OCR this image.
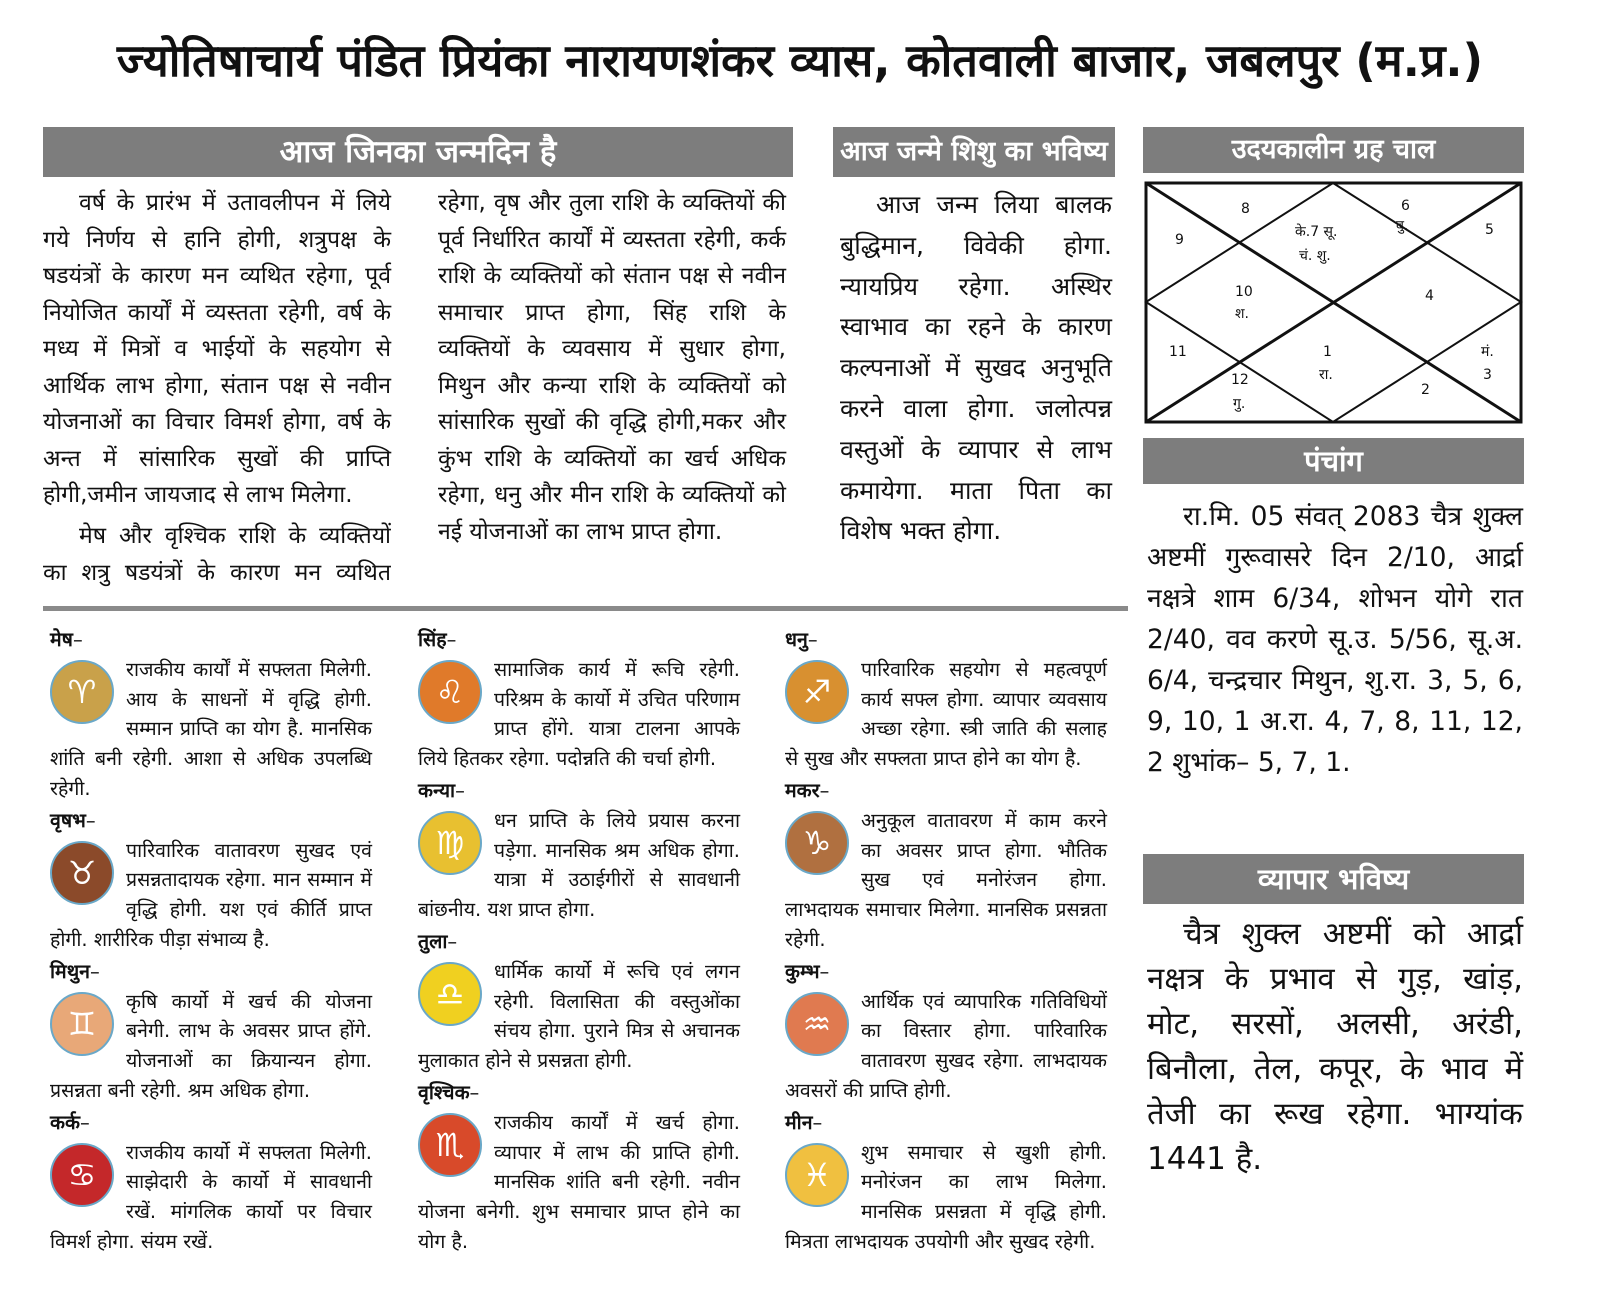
ज्योतिषाचार्य पंडित प्रियंका नारायणशंकर व्यास, कोतवाली बाजार, जबलपुर (म.प्र.)
आज जिनका जन्मदिन है

वर्ष के प्रारंभ में उतावलीपन में लिये गये निर्णय से हानि होगी, शत्रुपक्ष के षडयंत्रों के कारण मन व्यथित रहेगा, पूर्व नियोजित कार्यों में व्यस्तता रहेगी, वर्ष के मध्य में मित्रों व भाईयों के सहयोग से आर्थिक लाभ होगा, संतान पक्ष से नवीन योजनाओं का विचार विमर्श होगा, वर्ष के अन्त में सांसारिक सुखों की प्राप्ति होगी,जमीन जायजाद से लाभ मिलेगा.

मेष और वृश्चिक राशि के व्यक्तियों का शत्रु षडयंत्रों के कारण मन व्यथित

रहेगा, वृष और तुला राशि के व्यक्तियों की पूर्व निर्धारित कार्यों में व्यस्तता रहेगी, कर्क राशि के व्यक्तियों को संतान पक्ष से नवीन समाचार प्राप्त होगा, सिंह राशि के व्यक्तियों के व्यवसाय में सुधार होगा, मिथुन और कन्या राशि के व्यक्तियों को सांसारिक सुखों की वृद्धि होगी,मकर और कुंभ राशि के व्यक्तियों का खर्च अधिक रहेगा, धनु और मीन राशि के व्यक्तियों को नई योजनाओं का लाभ प्राप्त होगा.

आज जन्मे शिशु का भविष्य

आज जन्म लिया बालक बुद्धिमान, विवेकी होगा. न्यायप्रिय रहेगा. अस्थिर स्वाभाव का रहने के कारण कल्पनाओं में सुखद अनुभूति करने वाला होगा. जलोत्पन्न वस्तुओं के व्यापार से लाभ कमायेगा. माता पिता का विशेष भक्त होगा.

उदयकालीन ग्रह चाल
8	6
बु.
9
5
के.7 सू.
चं. शु.
10
श.
4
11	1
रा.
मं.
3
12
गु.
2
पंचांग

रा.मि. 05 संवत् 2083 चैत्र शुक्ल अष्टमीं गुरूवासरे दिन 2/10, आर्द्रा नक्षत्रे शाम 6/34, शोभन योगे रात 2/40, वव करणे सू.उ. 5/56, सू.अ. 6/4, चन्द्रचार मिथुन, शु.रा. 3, 5, 6, 9, 10, 1 अ.रा. 4, 7, 8, 11, 12, 2 शुभांक– 5, 7, 1.

व्यापार भविष्य

चैत्र शुक्ल अष्टमीं को आर्द्रा नक्षत्र के प्रभाव से गुड़, खांड़, मोट, सरसों, अलसी, अरंडी, बिनौला, तेल, कपूर, के भाव में तेजी का रूख रहेगा. भाग्यांक 1441 है.

मेष–

♈
राजकीय कार्यों में सफ्लता मिलेगी. आय के साधनों में वृद्धि होगी. सम्मान प्राप्ति का योग है. मानसिक शांति बनी रहेगी. आशा से अधिक उपलब्धि रहेगी.

वृषभ–

♉
पारिवारिक वातावरण सुखद एवं प्रसन्नतादायक रहेगा. मान सम्मान में वृद्धि होगी. यश एवं कीर्ति प्राप्त होगी. शारीरिक पीड़ा संभाव्य है.

मिथुन–

♊
कृषि कार्यो में खर्च की योजना बनेगी. लाभ के अवसर प्राप्त होंगे. योजनाओं का क्रियान्यन होगा. प्रसन्नता बनी रहेगी. श्रम अधिक होगा.

कर्क–

♋
राजकीय कार्यो में सफ्लता मिलेगी. साझेदारी के कार्यो में सावधानी रखें. मांगलिक कार्यो पर विचार विमर्श होगा. संयम रखें.

सिंह–

♌
सामाजिक कार्य में रूचि रहेगी. परिश्रम के कार्यो में उचित परिणाम प्राप्त होंगे. यात्रा टालना आपके लिये हितकर रहेगा. पदोन्नति की चर्चा होगी.

कन्या–

♍
धन प्राप्ति के लिये प्रयास करना पड़ेगा. मानसिक श्रम अधिक होगा. यात्रा में उठाईगीरों से सावधानी बांछनीय. यश प्राप्त होगा.

तुला–

♎
धार्मिक कार्यो में रूचि एवं लगन रहेगी. विलासिता की वस्तुओंका संचय होगा. पुराने मित्र से अचानक मुलाकात होने से प्रसन्नता होगी.

वृश्चिक–

♏
राजकीय कार्यों में खर्च होगा. व्यापार में लाभ की प्राप्ति होगी. मानसिक शांति बनी रहेगी. नवीन योजना बनेगी. शुभ समाचार प्राप्त होने का योग है.

धनु–

♐
पारिवारिक सहयोग से महत्वपूर्ण कार्य सफ्ल होगा. व्यापार व्यवसाय अच्छा रहेगा. स्त्री जाति की सलाह से सुख और सफ्लता प्राप्त होने का योग है.

मकर–

♑
अनुकूल वातावरण में काम करने का अवसर प्राप्त होगा. भौतिक सुख एवं मनोरंजन होगा. लाभदायक समाचार मिलेगा. मानसिक प्रसन्नता रहेगी.

कुम्भ–

♒
आर्थिक एवं व्यापारिक गतिविधियों का विस्तार होगा. पारिवारिक वातावरण सुखद रहेगा. लाभदायक अवसरों की प्राप्ति होगी.

मीन–

♓
शुभ समाचार से खुशी होगी. मनोरंजन का लाभ मिलेगा. मानसिक प्रसन्नता में वृद्धि होगी. मित्रता लाभदायक उपयोगी और सुखद रहेगी.
